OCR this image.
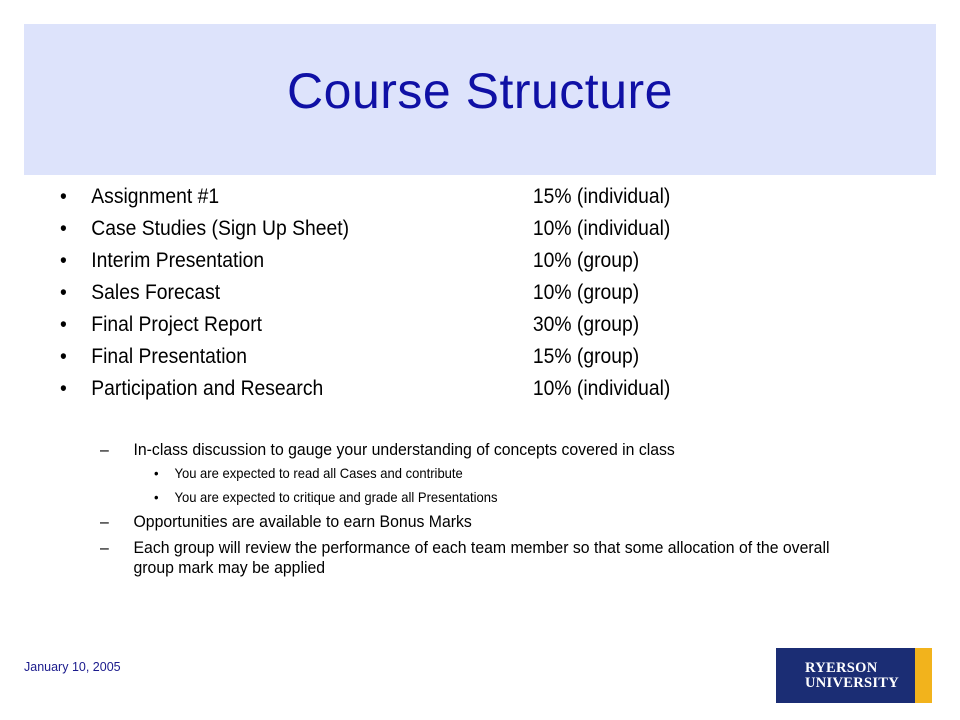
Course Structure
•	Assignment #1	15% (individual)
•	Case Studies (Sign Up Sheet)	10% (individual)
•	Interim Presentation	10% (group)
•	Sales Forecast	10% (group)
•	Final Project Report	30% (group)
•	Final Presentation	15% (group)
•	Participation and Research	10% (individual)
–	In-class discussion to gauge your understanding of concepts covered in class
•	You are expected to read all Cases and contribute
•	You are expected to critique and grade all Presentations
–	Opportunities are available to earn Bonus Marks
–	Each group will review the performance of each team member so that some allocation of the overall group mark may be applied
January 10, 2005	RYERSON
UNIVERSITY
